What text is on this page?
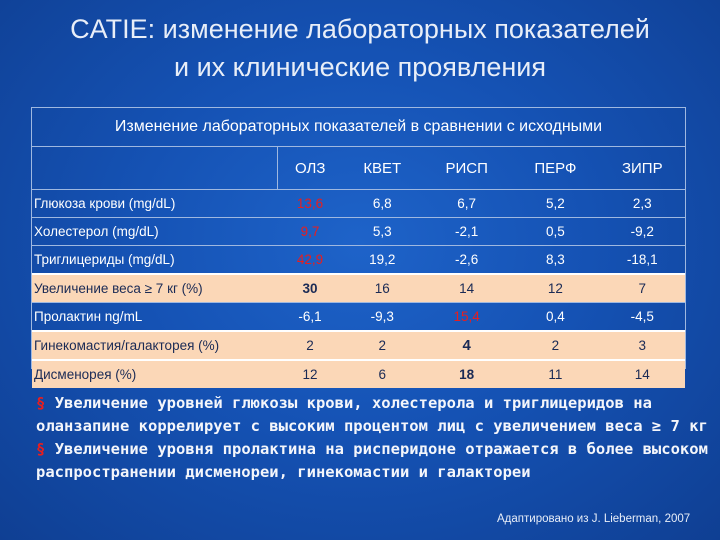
CATIE: изменение лабораторных показателей
и их клинические проявления
Изменение лабораторных показателей в сравнении с исходными
	ОЛЗ	КВЕТ	РИСП	ПЕРФ	ЗИПР
Глюкоза крови (mg/dL)	13,6	6,8	6,7	5,2	2,3
Холестерол (mg/dL)	9,7	5,3	-2,1	0,5	-9,2
Триглицериды (mg/dL)	42,9	19,2	-2,6	8,3	-18,1
Увеличение веса ≥ 7 кг (%)	30	16	14	12	7
Пролактин ng/mL	-6,1	-9,3	15,4	0,4	-4,5
Гинекомастия/галакторея (%)	2	2	4	2	3
Дисменорея (%)	12	6	18	11	14
§ Увеличение уровней глюкозы крови, холестерола и триглицеридов на оланзапине коррелирует с высоким процентом лиц с увеличением веса ≥ 7 кг
§ Увеличение уровня пролактина на рисперидоне отражается в более высоком распространении дисменореи, гинекомастии и галактореи
Адаптировано из J. Lieberman, 2007
